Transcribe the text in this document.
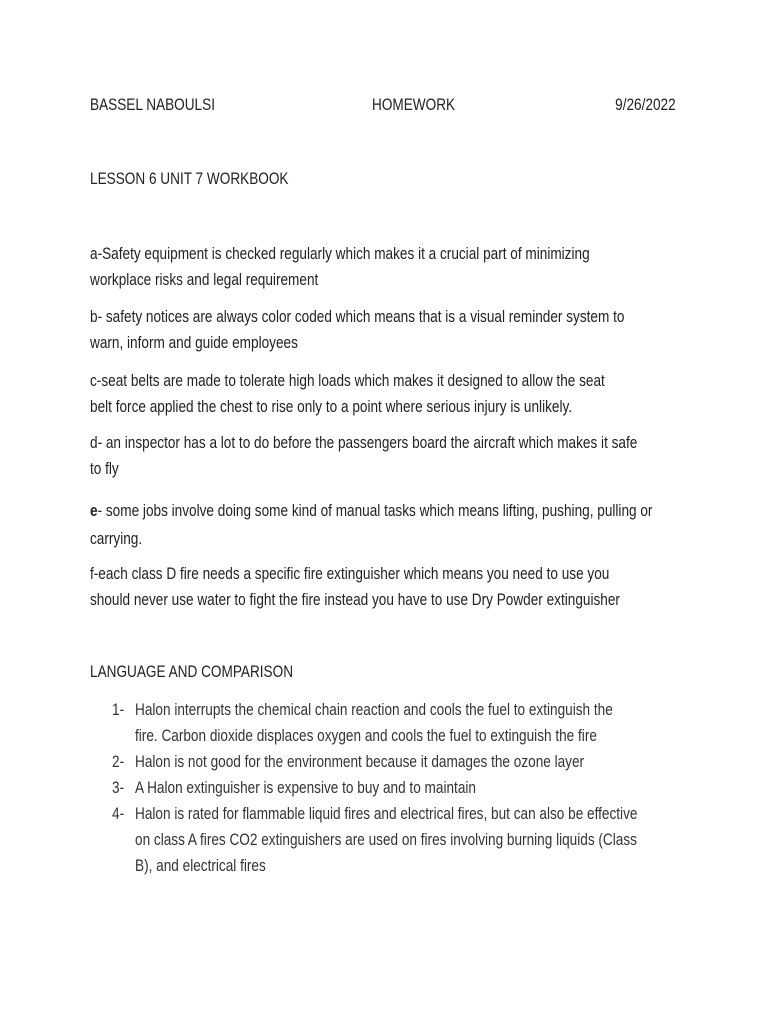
BASSEL NABOULSI	HOMEWORK	9/26/2022
LESSON 6 UNIT 7 WORKBOOK
a-Safety equipment is checked regularly which makes it a crucial part of minimizing
workplace risks and legal requirement
b- safety notices are always color coded which means that is a visual reminder system to
warn, inform and guide employees
c-seat belts are made to tolerate high loads which makes it designed to allow the seat
belt force applied the chest to rise only to a point where serious injury is unlikely.
d- an inspector has a lot to do before the passengers board the aircraft which makes it safe
to fly
e- some jobs involve doing some kind of manual tasks which means lifting, pushing, pulling or
carrying.
f-each class D fire needs a specific fire extinguisher which means you need to use you
should never use water to fight the fire instead you have to use Dry Powder extinguisher
LANGUAGE AND COMPARISON
1- Halon interrupts the chemical chain reaction and cools the fuel to extinguish the
fire. Carbon dioxide displaces oxygen and cools the fuel to extinguish the fire
2- Halon is not good for the environment because it damages the ozone layer
3- A Halon extinguisher is expensive to buy and to maintain
4- Halon is rated for flammable liquid fires and electrical fires, but can also be effective
on class A fires CO2 extinguishers are used on fires involving burning liquids (Class
B), and electrical fires
